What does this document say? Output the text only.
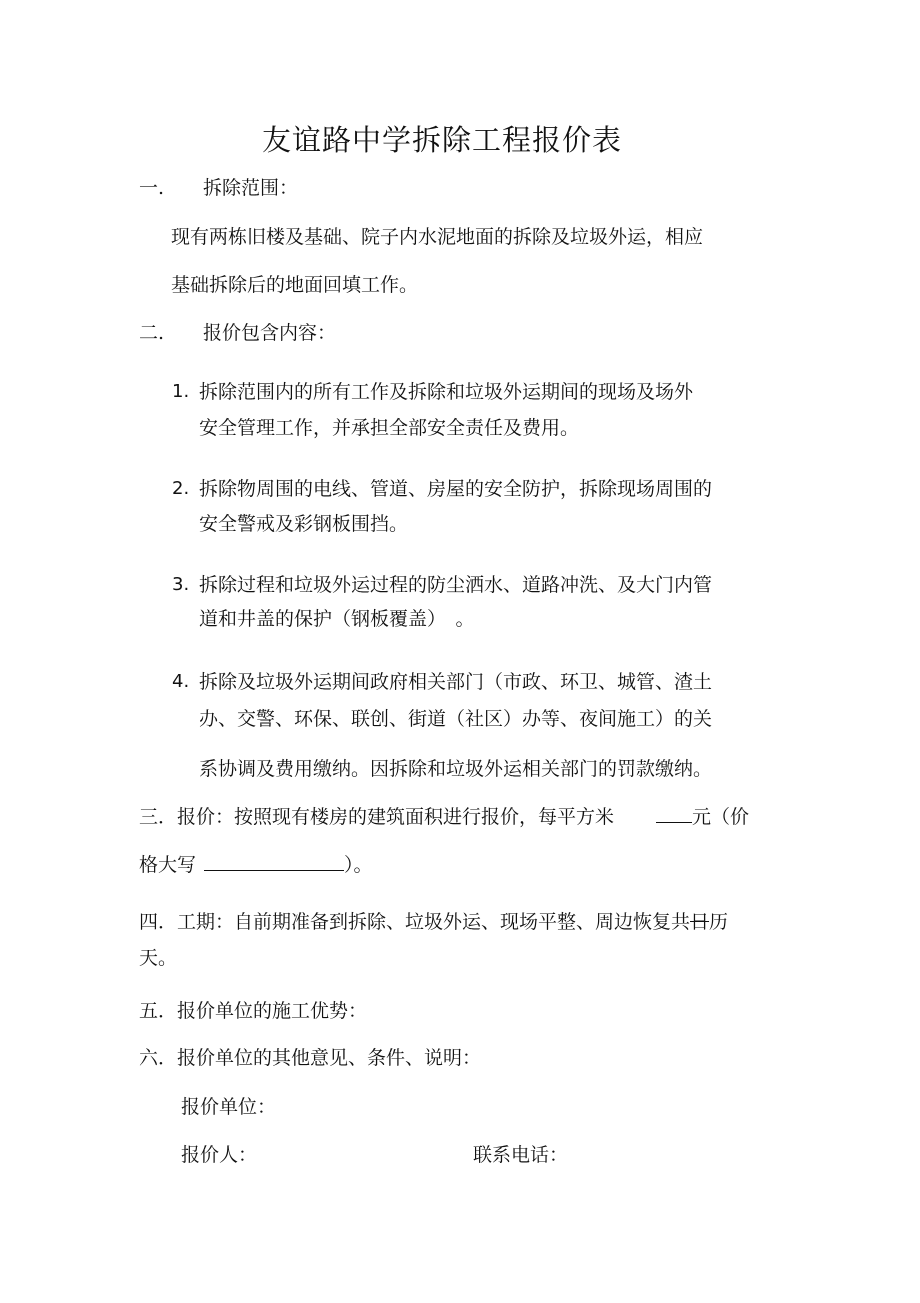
友谊路中学拆除工程报价表
一. 拆除范围：
现有两栋旧楼及基础、院子内水泥地面的拆除及垃圾外运，相应
基础拆除后的地面回填工作。
二. 报价包含内容：
1. 拆除范围内的所有工作及拆除和垃圾外运期间的现场及场外
安全管理工作，并承担全部安全责任及费用。
2. 拆除物周围的电线、管道、房屋的安全防护，拆除现场周围的
安全警戒及彩钢板围挡。
3. 拆除过程和垃圾外运过程的防尘洒水、道路冲洗、及大门内管
道和井盖的保护（钢板覆盖）　。
4. 拆除及垃圾外运期间政府相关部门（市政、环卫、城管、渣土
办、交警、环保、联创、街道（社区）办等、夜间施工）的关
系协调及费用缴纳。因拆除和垃圾外运相关部门的罚款缴纳。
三．报价：按照现有楼房的建筑面积进行报价，每平方米	元（价
格大写	）。
四．工期：自前期准备到拆除、垃圾外运、现场平整、周边恢复共日历
天。
五．报价单位的施工优势：
六．报价单位的其他意见、条件、说明：
报价单位：
报价人：	联系电话：
